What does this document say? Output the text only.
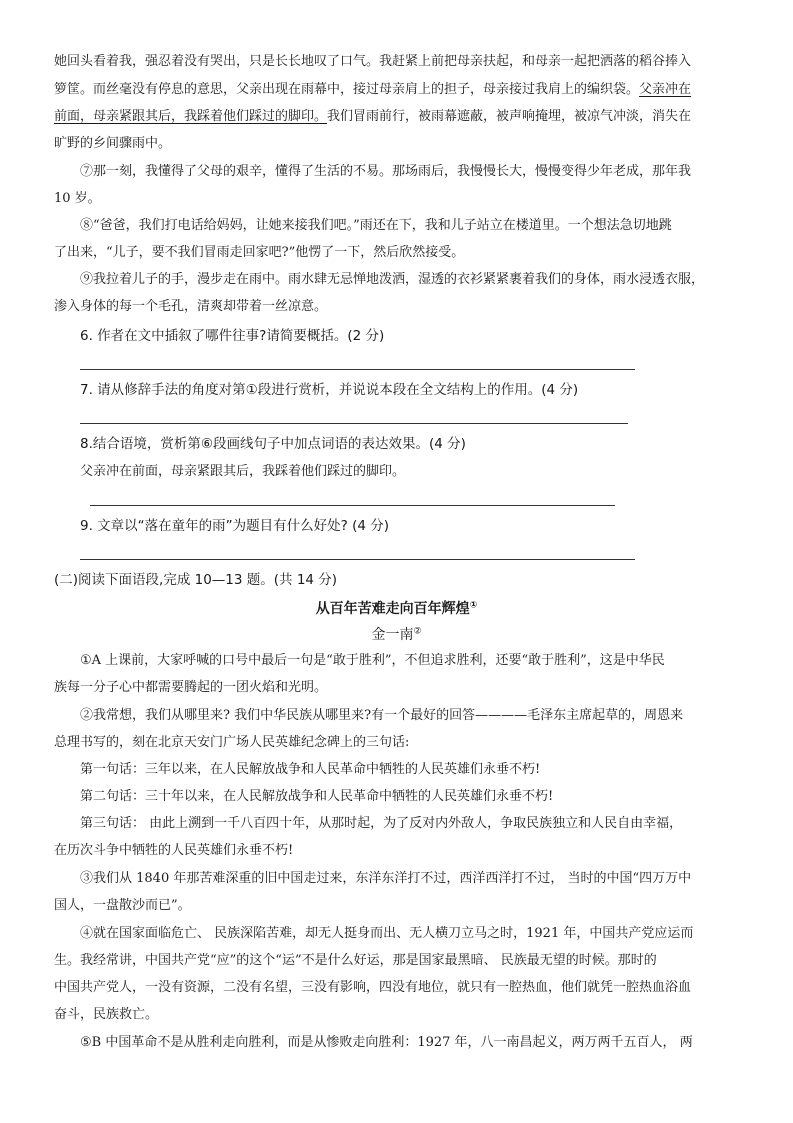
她回头看着我，强忍着没有哭出，只是长长地叹了口气。我赶紧上前把母亲扶起，和母亲一起把洒落的稻谷捧入
箩筐。而丝毫没有停息的意思，父亲出现在雨幕中，接过母亲肩上的担子，母亲接过我肩上的编织袋。父亲冲在
前面，母亲紧跟其后，我踩着他们踩过的脚印。我们冒雨前行，被雨幕遮蔽，被声响掩埋，被凉气冲淡，消失在
旷野的乡间骤雨中。
⑦那一刻，我懂得了父母的艰辛，懂得了生活的不易。那场雨后，我慢慢长大，慢慢变得少年老成，那年我
10 岁。
⑧“爸爸，我们打电话给妈妈，让她来接我们吧。”雨还在下，我和儿子站立在楼道里。一个想法急切地跳
了出来，“儿子，要不我们冒雨走回家吧?”他愣了一下，然后欣然接受。
⑨我拉着儿子的手，漫步走在雨中。雨水肆无忌惮地泼洒，湿透的衣衫紧紧裹着我们的身体，雨水浸透衣服，
渗入身体的每一个毛孔，清爽却带着一丝凉意。
6. 作者在文中插叙了哪件往事?请简要概括。(2 分)
7. 请从修辞手法的角度对第①段进行赏析，并说说本段在全文结构上的作用。(4 分)
8.结合语境，赏析第⑥段画线句子中加点词语的表达效果。(4 分)
父亲冲在前面，母亲紧跟其后，我踩着他们踩过的脚印。
9. 文章以“落在童年的雨”为题目有什么好处? (4 分)
(二)阅读下面语段,完成 10—13 题。(共 14 分)
从百年苦难走向百年辉煌①
金一南②
①A 上课前，大家呼喊的口号中最后一句是“敢于胜利”，不但追求胜利，还要“敢于胜利”，这是中华民
族每一分子心中都需要腾起的一团火焰和光明。
②我常想，我们从哪里来? 我们中华民族从哪里来?有一个最好的回答————毛泽东主席起草的，周恩来
总理书写的，刻在北京天安门广场人民英雄纪念碑上的三句话:
第一句话：三年以来，在人民解放战争和人民革命中牺牲的人民英雄们永垂不朽!
第二句话：三十年以来，在人民解放战争和人民革命中牺牲的人民英雄们永垂不朽!
第三句话： 由此上溯到一千八百四十年，从那时起，为了反对内外敌人，争取民族独立和人民自由幸福，
在历次斗争中牺牲的人民英雄们永垂不朽!
③我们从 1840 年那苦难深重的旧中国走过来，东洋东洋打不过，西洋西洋打不过， 当时的中国“四万万中
国人，一盘散沙而已”。
④就在国家面临危亡、 民族深陷苦难，却无人挺身而出、无人横刀立马之时，1921 年，中国共产党应运而
生。我经常讲，中国共产党“应”的这个“运”不是什么好运，那是国家最黑暗、 民族最无望的时候。那时的
中国共产党人，一没有资源，二没有名望，三没有影响，四没有地位，就只有一腔热血，他们就凭一腔热血浴血
奋斗，民族救亡。
⑤B 中国革命不是从胜利走向胜利，而是从惨败走向胜利：1927 年，八一南昌起义，两万两千五百人， 两
